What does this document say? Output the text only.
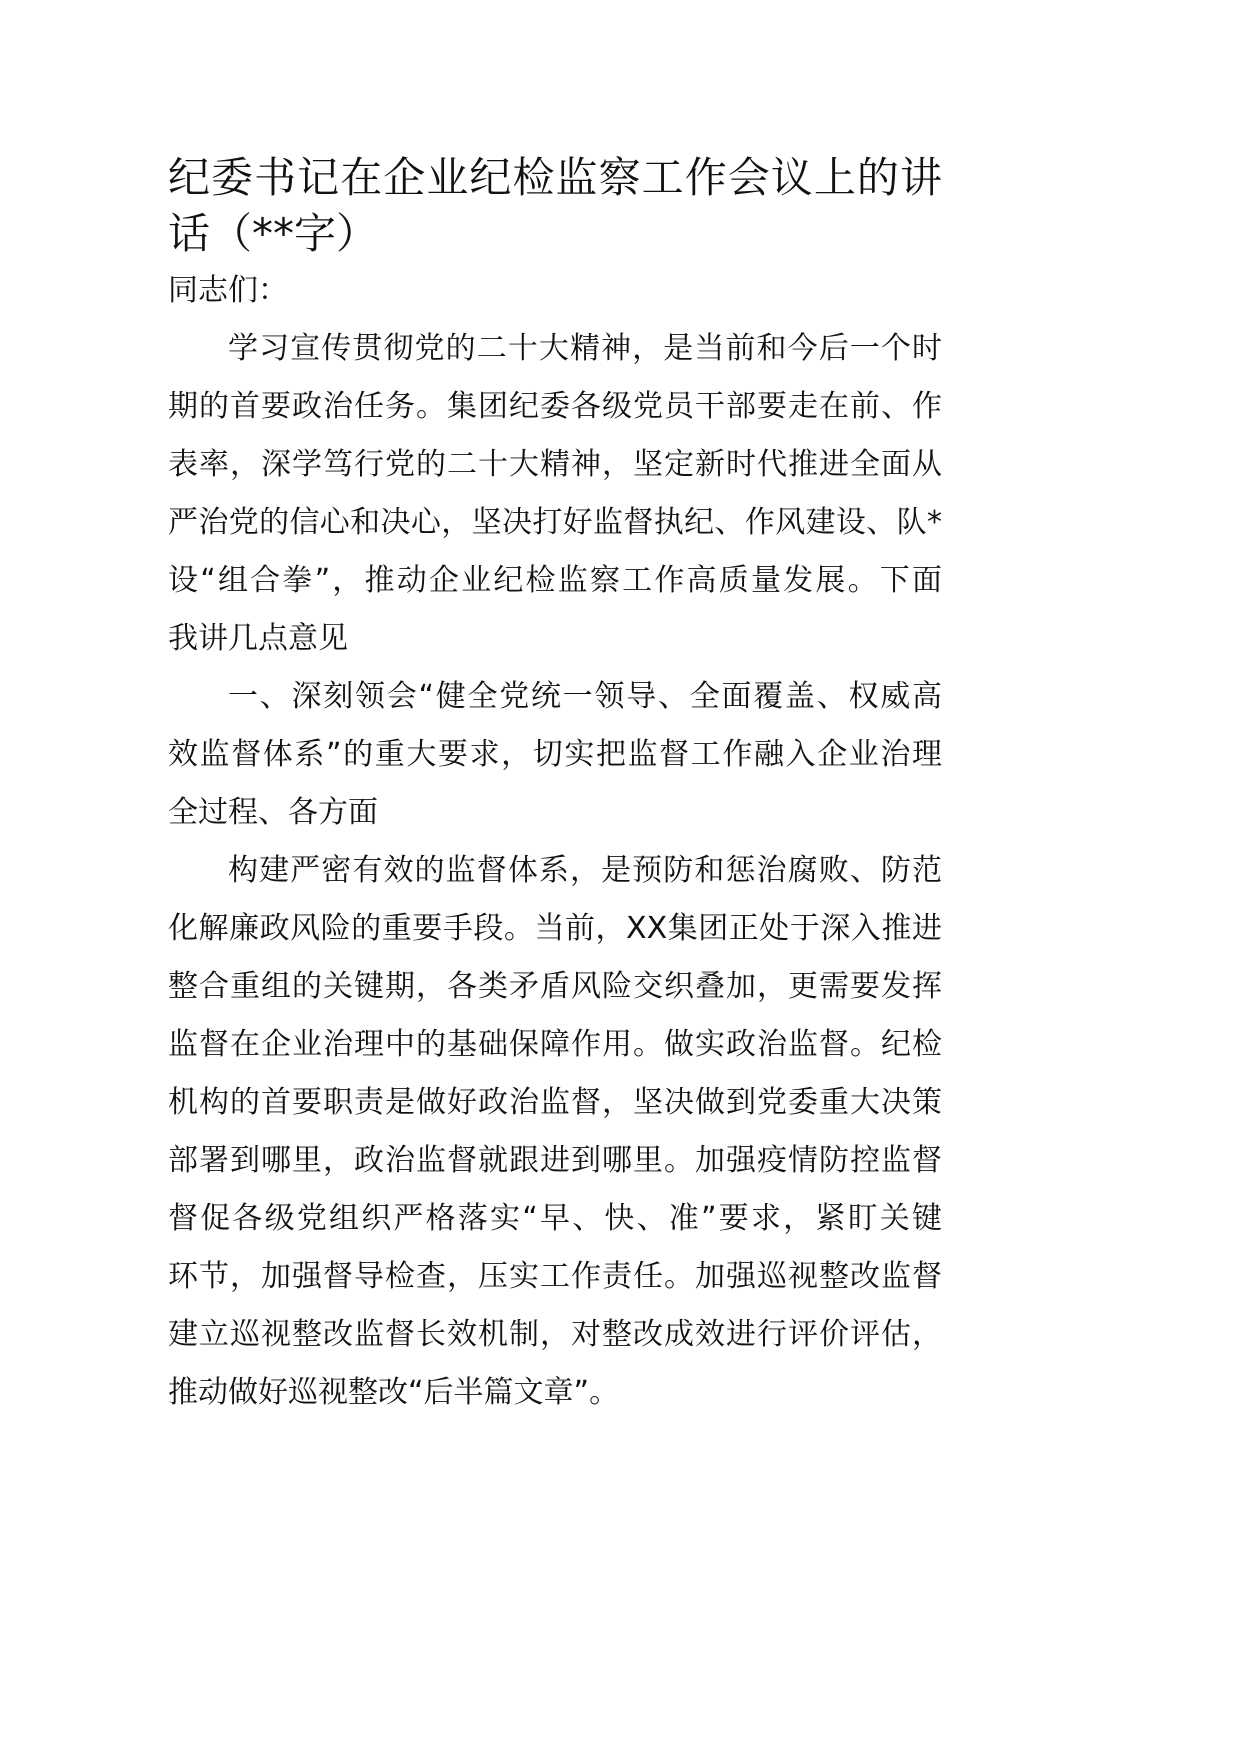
纪委书记在企业纪检监察工作会议上的讲
话（**字）
同志们：
学习宣传贯彻党的二十大精神，是当前和今后一个时
期的首要政治任务。集团纪委各级党员干部要走在前、作
表率，深学笃行党的二十大精神，坚定新时代推进全面从
严治党的信心和决心，坚决打好监督执纪、作风建设、队*
设“组合拳”，推动企业纪检监察工作高质量发展。下面
我讲几点意见
一、深刻领会“健全党统一领导、全面覆盖、权威高
效监督体系”的重大要求，切实把监督工作融入企业治理
全过程、各方面
构建严密有效的监督体系，是预防和惩治腐败、防范
化解廉政风险的重要手段。当前，XX集团正处于深入推进
整合重组的关键期，各类矛盾风险交织叠加，更需要发挥
监督在企业治理中的基础保障作用。做实政治监督。纪检
机构的首要职责是做好政治监督，坚决做到党委重大决策
部署到哪里，政治监督就跟进到哪里。加强疫情防控监督
督促各级党组织严格落实“早、快、准”要求，紧盯关键
环节，加强督导检查，压实工作责任。加强巡视整改监督
建立巡视整改监督长效机制，对整改成效进行评价评估，
推动做好巡视整改“后半篇文章”。
